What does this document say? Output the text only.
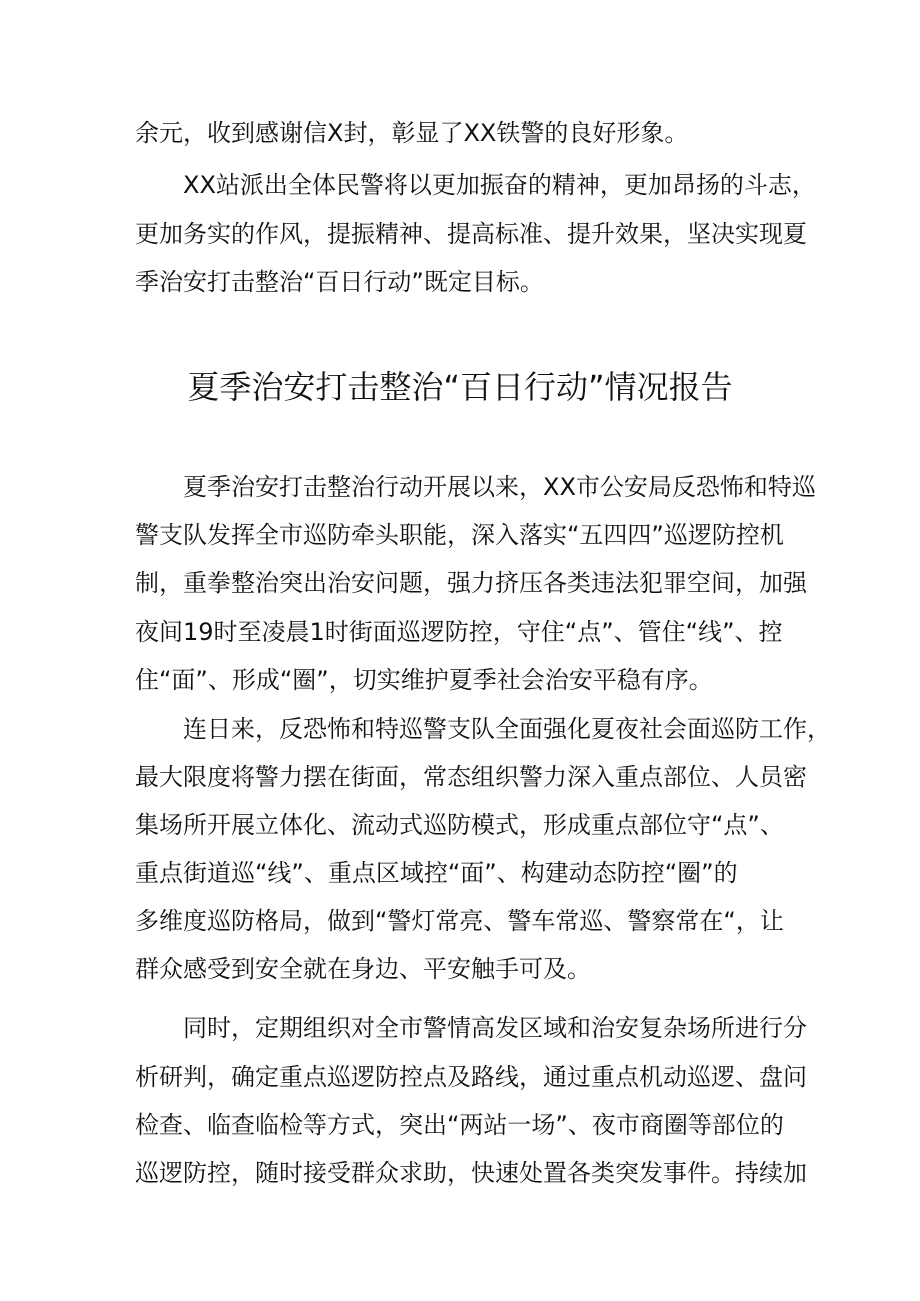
余元，收到感谢信X封，彰显了XX铁警的良好形象。

XX站派出全体民警将以更加振奋的精神，更加昂扬的斗志，

更加务实的作风，提振精神、提高标准、提升效果，坚决实现夏

季治安打击整治“百日行动”既定目标。

夏季治安打击整治“百日行动”情况报告

夏季治安打击整治行动开展以来，XX市公安局反恐怖和特巡

警支队发挥全市巡防牵头职能，深入落实“五四四”巡逻防控机

制，重拳整治突出治安问题，强力挤压各类违法犯罪空间，加强

夜间19时至凌晨1时街面巡逻防控，守住“点”、管住“线”、控

住“面”、形成“圈”，切实维护夏季社会治安平稳有序。

连日来，反恐怖和特巡警支队全面强化夏夜社会面巡防工作，

最大限度将警力摆在街面，常态组织警力深入重点部位、人员密

集场所开展立体化、流动式巡防模式，形成重点部位守“点”、

重点街道巡“线”、重点区域控“面”、构建动态防控“圈”的

多维度巡防格局，做到“警灯常亮、警车常巡、警察常在“，让

群众感受到安全就在身边、平安触手可及。

同时，定期组织对全市警情高发区域和治安复杂场所进行分

析研判，确定重点巡逻防控点及路线，通过重点机动巡逻、盘问

检查、临查临检等方式，突出“两站一场”、夜市商圈等部位的

巡逻防控，随时接受群众求助，快速处置各类突发事件。持续加
